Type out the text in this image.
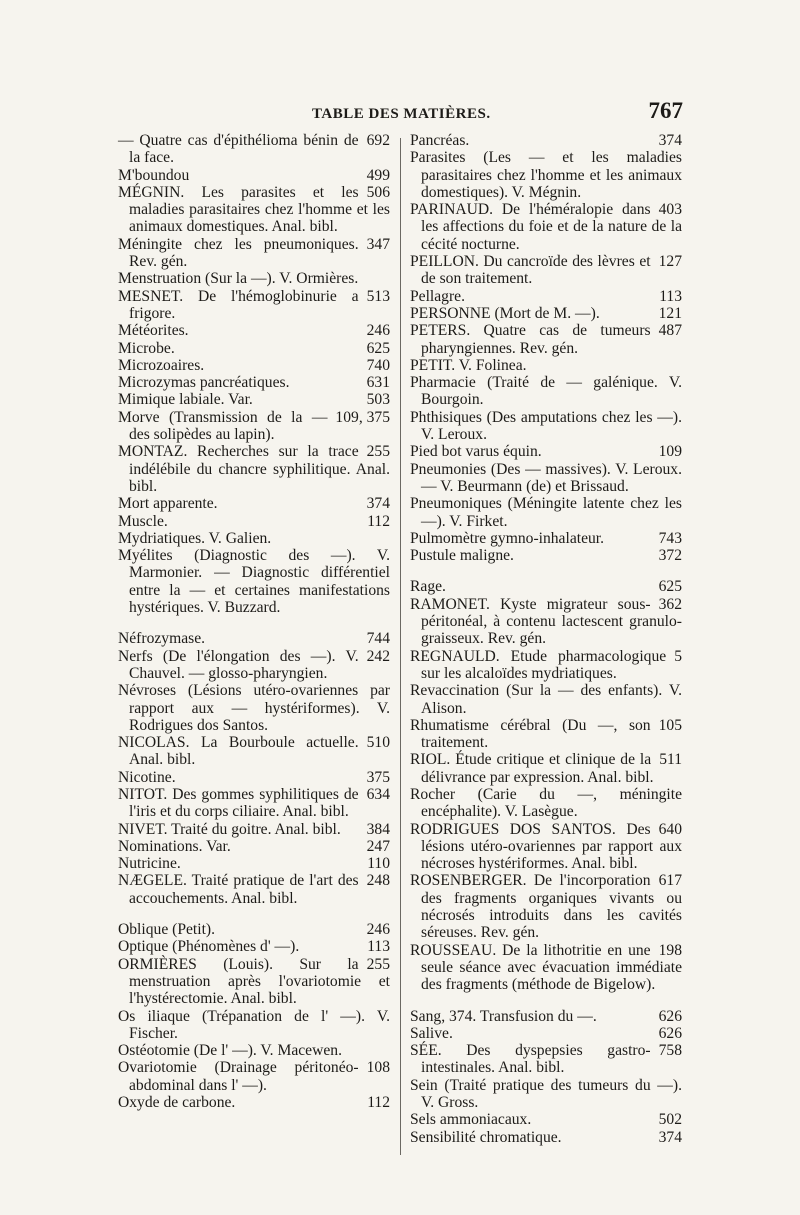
TABLE DES MATIÈRES.	767
692
— Quatre cas d'épithélioma bénin de la face.
499
M'boundou
506
MÉGNIN. Les parasites et les maladies parasitaires chez l'homme et les animaux domestiques. Anal. bibl.
347
Méningite chez les pneumoniques. Rev. gén.
Menstruation (Sur la —). V. Ormières.
513
MESNET. De l'hémoglobinurie a frigore.
246
Météorites.
625
Microbe.
740
Microzoaires.
631
Microzymas pancréatiques.
503
Mimique labiale. Var.
109, 375
Morve (Transmission de la — des solipèdes au lapin).
255
MONTAZ. Recherches sur la trace indélébile du chancre syphilitique. Anal. bibl.
374
Mort apparente.
112
Muscle.
Mydriatiques. V. Galien.
Myélites (Diagnostic des —). V. Marmonier. — Diagnostic différentiel entre la — et certaines manifestations hystériques. V. Buzzard.
744
Néfrozymase.
242
Nerfs (De l'élongation des —). V. Chauvel. — glosso-pharyngien.
Névroses (Lésions utéro-ovariennes par rapport aux — hystériformes). V. Rodrigues dos Santos.
510
NICOLAS. La Bourboule actuelle. Anal. bibl.
375
Nicotine.
634
NITOT. Des gommes syphilitiques de l'iris et du corps ciliaire. Anal. bibl.
384
NIVET. Traité du goitre. Anal. bibl.
247
Nominations. Var.
110
Nutricine.
248
NÆGELE. Traité pratique de l'art des accouchements. Anal. bibl.
246
Oblique (Petit).
113
Optique (Phénomènes d' —).
255
ORMIÈRES (Louis). Sur la menstruation après l'ovariotomie et l'hystérectomie. Anal. bibl.
Os iliaque (Trépanation de l' —). V. Fischer.
Ostéotomie (De l' —). V. Macewen.
108
Ovariotomie (Drainage péritonéo-abdominal dans l' —).
112
Oxyde de carbone.
374
Pancréas.
Parasites (Les — et les maladies parasitaires chez l'homme et les animaux domestiques). V. Mégnin.
403
PARINAUD. De l'héméralopie dans les affections du foie et de la nature de la cécité nocturne.
127
PEILLON. Du cancroïde des lèvres et de son traitement.
113
Pellagre.
121
PERSONNE (Mort de M. —).
487
PETERS. Quatre cas de tumeurs pharyngiennes. Rev. gén.
PETIT. V. Folinea.
Pharmacie (Traité de — galénique. V. Bourgoin.
Phthisiques (Des amputations chez les —). V. Leroux.
109
Pied bot varus équin.
Pneumonies (Des — massives). V. Leroux. — V. Beurmann (de) et Brissaud.
Pneumoniques (Méningite latente chez les —). V. Firket.
743
Pulmomètre gymno-inhalateur.
372
Pustule maligne.
625
Rage.
362
RAMONET. Kyste migrateur sous-péritonéal, à contenu lactescent granulo-graisseux. Rev. gén.
5
REGNAULD. Etude pharmacologique sur les alcaloïdes mydriatiques.
Revaccination (Sur la — des enfants). V. Alison.
105
Rhumatisme cérébral (Du —, son traitement.
511
RIOL. Étude critique et clinique de la délivrance par expression. Anal. bibl.
Rocher (Carie du —, méningite encéphalite). V. Lasègue.
640
RODRIGUES DOS SANTOS. Des lésions utéro-ovariennes par rapport aux nécroses hystériformes. Anal. bibl.
617
ROSENBERGER. De l'incorporation des fragments organiques vivants ou nécrosés introduits dans les cavités séreuses. Rev. gén.
198
ROUSSEAU. De la lithotritie en une seule séance avec évacuation immédiate des fragments (méthode de Bigelow).
626
Sang, 374. Transfusion du —.
626
Salive.
758
SÉE. Des dyspepsies gastro-intestinales. Anal. bibl.
Sein (Traité pratique des tumeurs du —). V. Gross.
502
Sels ammoniacaux.
374
Sensibilité chromatique.
